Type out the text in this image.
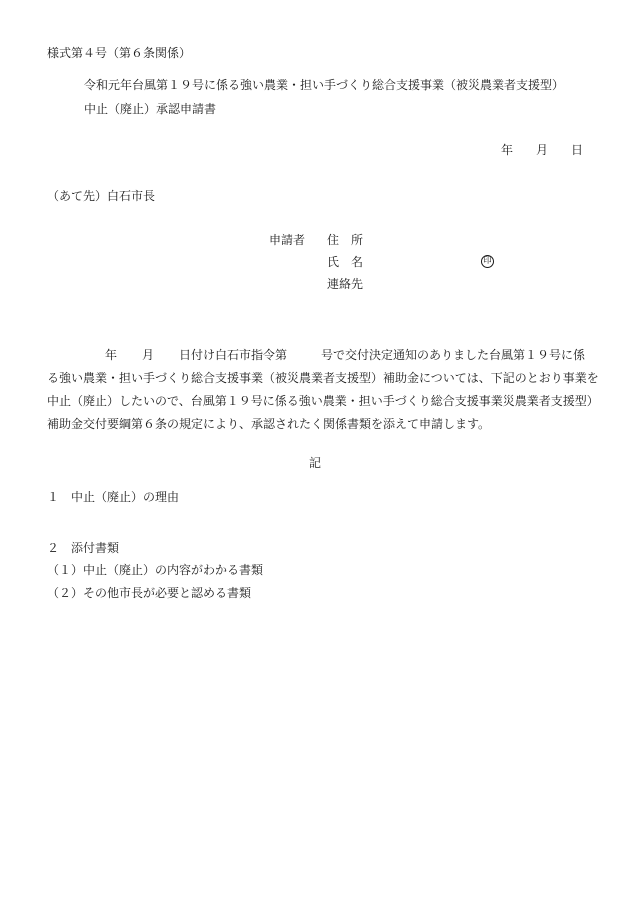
様式第４号（第６条関係）
令和元年台風第１９号に係る強い農業・担い手づくり総合支援事業（被災農業者支援型）
中止（廃止）承認申請書
年 月 日
（あて先）白石市長
申請者 住　所
氏　名	印
連絡先
年 月 日付け白石市指令第	号で交付決定通知のありました台風第１９号に係
る強い農業・担い手づくり総合支援事業（被災農業者支援型）補助金については、下記のとおり事業を
中止（廃止）したいので、台風第１９号に係る強い農業・担い手づくり総合支援事業災農業者支援型）
補助金交付要綱第６条の規定により、承認されたく関係書類を添えて申請します。
記
１　中止（廃止）の理由
２　添付書類
（１）中止（廃止）の内容がわかる書類
（２）その他市長が必要と認める書類
